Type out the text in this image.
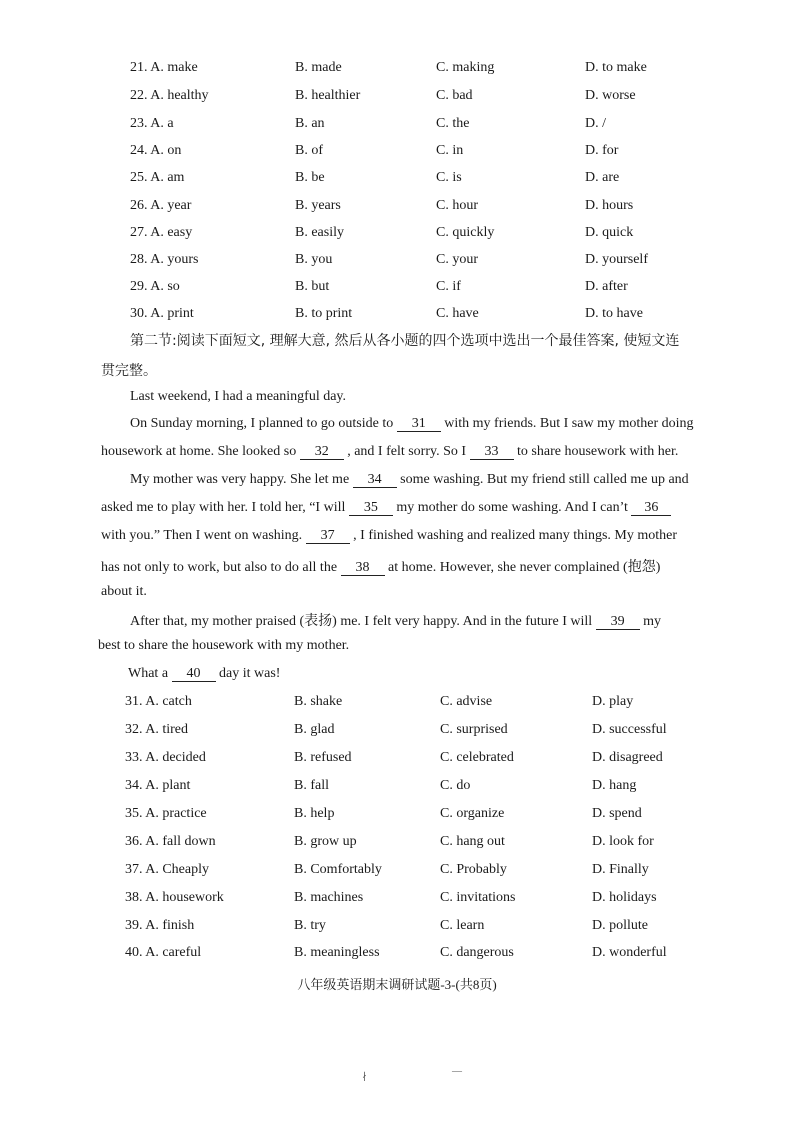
21. A. make	B. made	C. making	D. to make
22. A. healthy	B. healthier	C. bad	D. worse
23. A. a	B. an	C. the	D. /
24. A. on	B. of	C. in	D. for
25. A. am	B. be	C. is	D. are
26. A. year	B. years	C. hour	D. hours
27. A. easy	B. easily	C. quickly	D. quick
28. A. yours	B. you	C. your	D. yourself
29. A. so	B. but	C. if	D. after
30. A. print	B. to print	C. have	D. to have
第二节:阅读下面短文, 理解大意, 然后从各小题的四个选项中选出一个最佳答案, 使短文连
贯完整。
Last weekend, I had a meaningful day.
On Sunday morning, I planned to go outside to 31 with my friends. But I saw my mother doing
housework at home. She looked so 32 , and I felt sorry. So I 33 to share housework with her.
My mother was very happy. She let me 34 some washing. But my friend still called me up and
asked me to play with her. I told her, “I will 35 my mother do some washing. And I can’t 36
with you.” Then I went on washing. 37 , I finished washing and realized many things. My mother
has not only to work, but also to do all the 38 at home. However, she never complained (抱怨)
about it.
After that, my mother praised (表扬) me. I felt very happy. And in the future I will 39 my
best to share the housework with my mother.
What a 40 day it was!
31. A. catch	B. shake	C. advise	D. play
32. A. tired	B. glad	C. surprised	D. successful
33. A. decided	B. refused	C. celebrated	D. disagreed
34. A. plant	B. fall	C. do	D. hang
35. A. practice	B. help	C. organize	D. spend
36. A. fall down	B. grow up	C. hang out	D. look for
37. A. Cheaply	B. Comfortably	C. Probably	D. Finally
38. A. housework	B. machines	C. invitations	D. holidays
39. A. finish	B. try	C. learn	D. pollute
40. A. careful	B. meaningless	C. dangerous	D. wonderful
八年级英语期末调研试题-3-(共8页)
—
∤
